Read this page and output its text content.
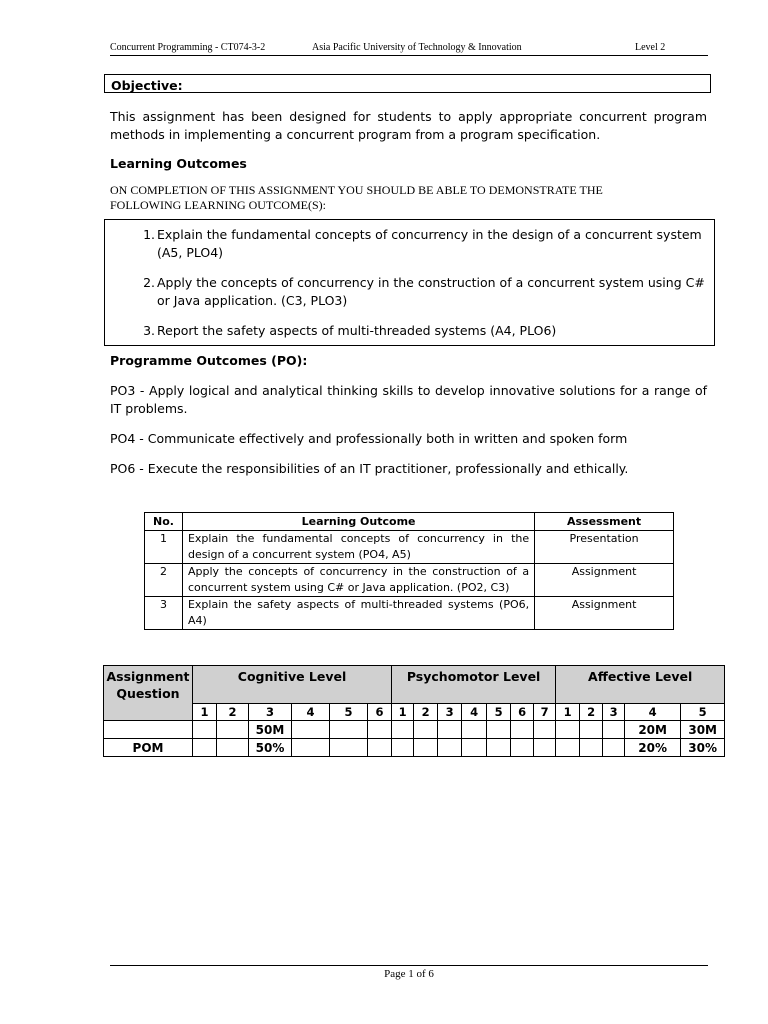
Concurrent Programming - CT074-3-2	Asia Pacific University of Technology & Innovation	Level 2
Objective:
This assignment has been designed for students to apply appropriate concurrent program methods in implementing a concurrent program from a program specification.
Learning Outcomes
ON COMPLETION OF THIS ASSIGNMENT YOU SHOULD BE ABLE TO DEMONSTRATE THE FOLLOWING LEARNING OUTCOME(S):
1. Explain the fundamental concepts of concurrency in the design of a concurrent system (A5, PLO4)
2. Apply the concepts of concurrency in the construction of a concurrent system using C# or Java application. (C3, PLO3)
3. Report the safety aspects of multi-threaded systems (A4, PLO6)
Programme Outcomes (PO):
PO3 - Apply logical and analytical thinking skills to develop innovative solutions for a range of IT problems.
PO4 - Communicate effectively and professionally both in written and spoken form
PO6 - Execute the responsibilities of an IT practitioner, professionally and ethically.
No.	Learning Outcome	Assessment
1	Explain the fundamental concepts of concurrency in the design of a concurrent system (PO4, A5)	Presentation
2	Apply the concepts of concurrency in the construction of a concurrent system using C# or Java application. (PO2, C3)	Assignment
3	Explain the safety aspects of multi-threaded systems (PO6, A4)	Assignment
Assignment Question	Cognitive Level						Psychomotor Level							Affective Level				
	1	2	3	4	5	6	1	2	3	4	5	6	7	1	2	3	4	5
			50M														20M	30M
POM			50%														20%	30%
Page 1 of 6
